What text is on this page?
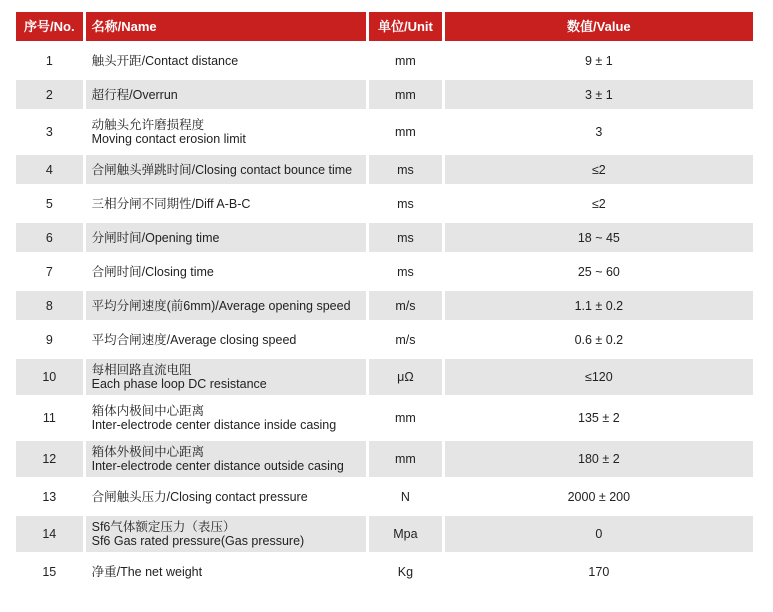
序号/No.	名称/Name	单位/Unit	数值/Value
1	触头开距/Contact distance	mm	9 ± 1
2	超行程/Overrun	mm	3 ± 1
3	动触头允许磨损程度
Moving contact erosion limit	mm	3
4	合闸触头弹跳时间/Closing contact bounce time	ms	≤2
5	三相分闸不同期性/Diff A-B-C	ms	≤2
6	分闸时间/Opening time	ms	18 ~ 45
7	合闸时间/Closing time	ms	25 ~ 60
8	平均分闸速度(前6mm)/Average opening speed	m/s	1.1 ± 0.2
9	平均合闸速度/Average closing speed	m/s	0.6 ± 0.2
10	每相回路直流电阻
Each phase loop DC resistance	μΩ	≤120
11	箱体内极间中心距离
Inter-electrode center distance inside casing	mm	135 ± 2
12	箱体外极间中心距离
Inter-electrode center distance outside casing	mm	180 ± 2
13	合闸触头压力/Closing contact pressure	N	2000 ± 200
14	Sf6气体额定压力（表压）
Sf6 Gas rated pressure(Gas pressure)	Mpa	0
15	净重/The net weight	Kg	170
